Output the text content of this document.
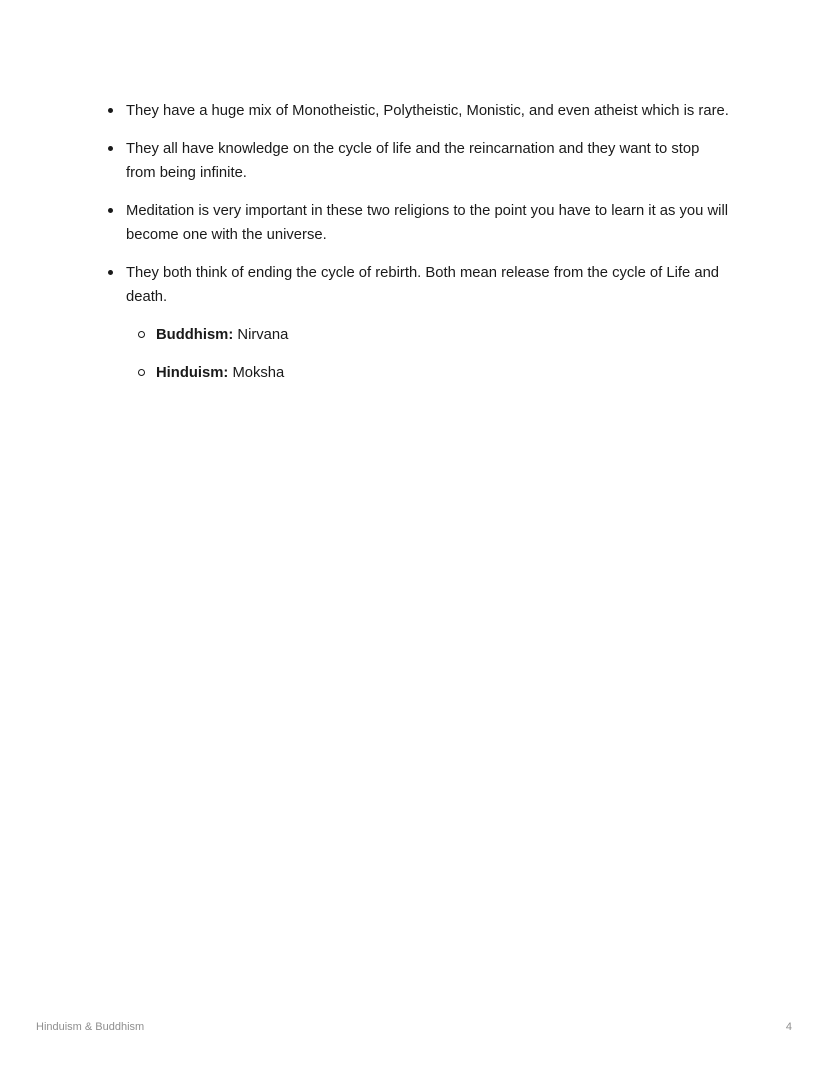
They have a huge mix of Monotheistic, Polytheistic, Monistic, and even atheist which is rare.
They all have knowledge on the cycle of life and the reincarnation and they want to stop from being infinite.
Meditation is very important in these two religions to the point you have to learn it as you will become one with the universe.
They both think of ending the cycle of rebirth. Both mean release from the cycle of Life and death.
Buddhism: Nirvana
Hinduism: Moksha
Hinduism & Buddhism	4
